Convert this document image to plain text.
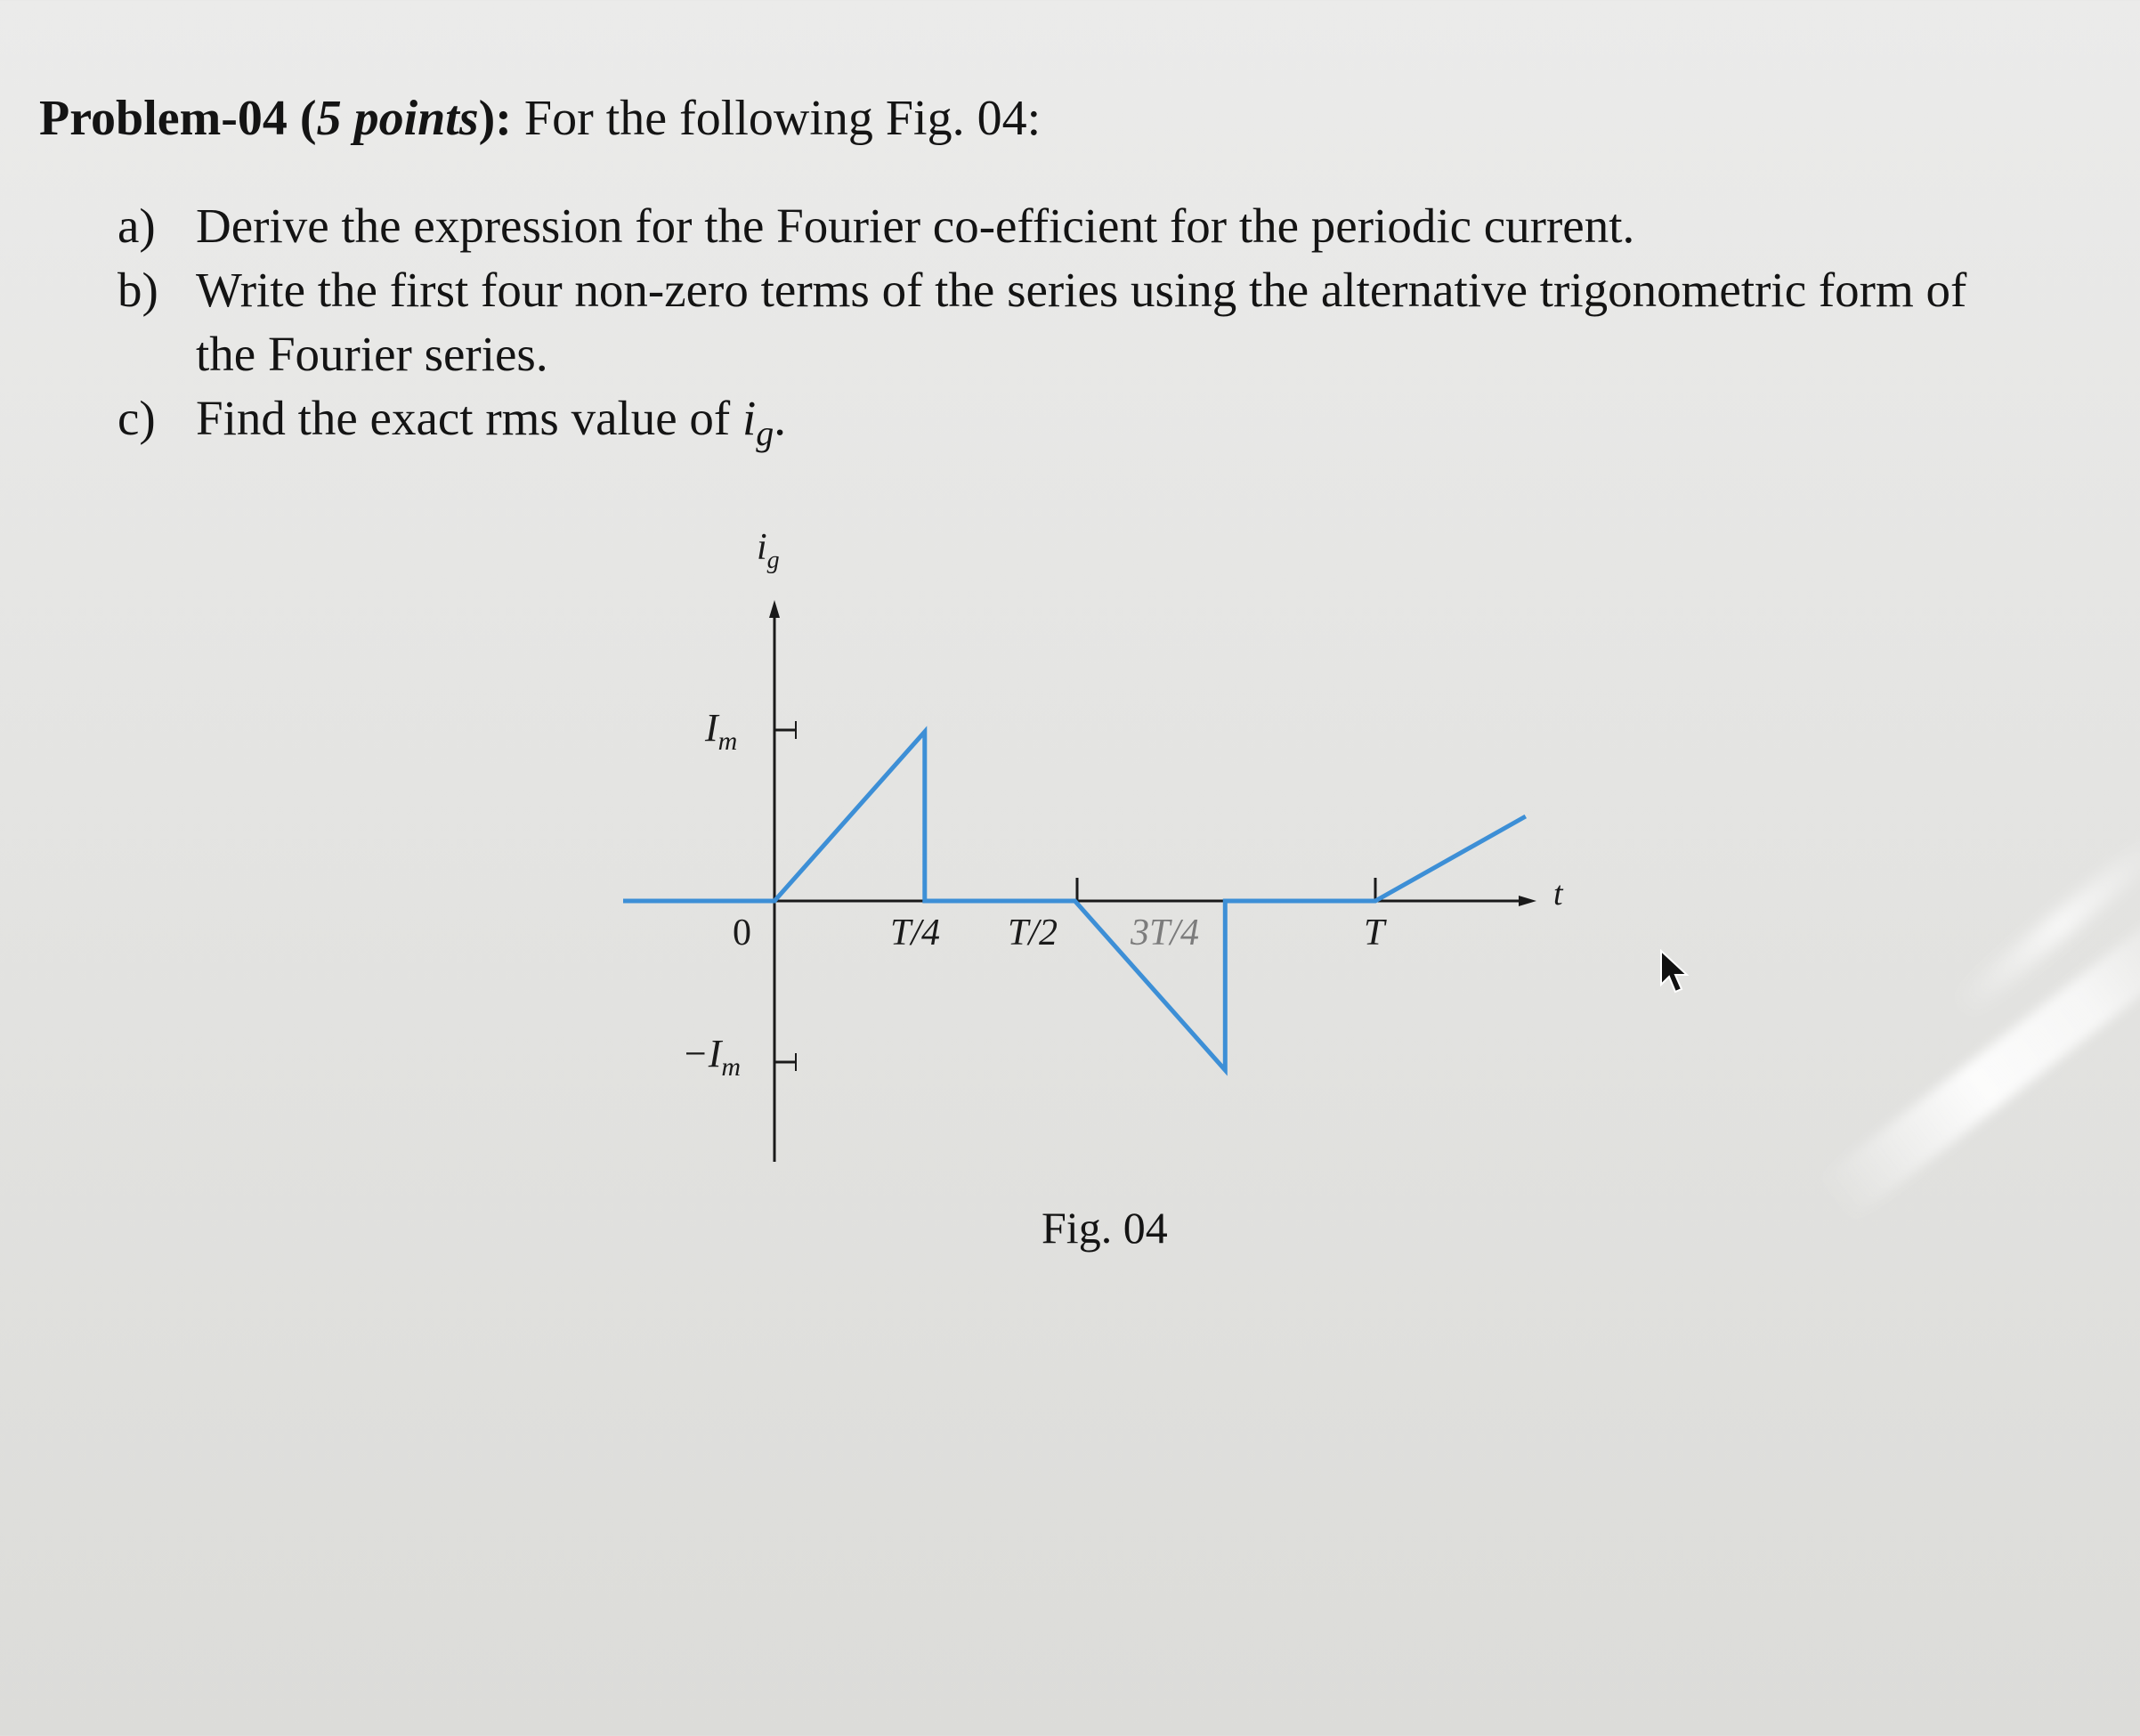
Problem-04 (5 points): For the following Fig. 04:
a) Derive the expression for the Fourier co-efficient for the periodic current.
b) Write the first four non-zero terms of the series using the alternative trigonometric form of the Fourier series.
c) Find the exact rms value of $i_g$.
$i_g$
t
$I_m$
$-I_m$
0	T/4 T/2 3T/4	T
Fig. 04
